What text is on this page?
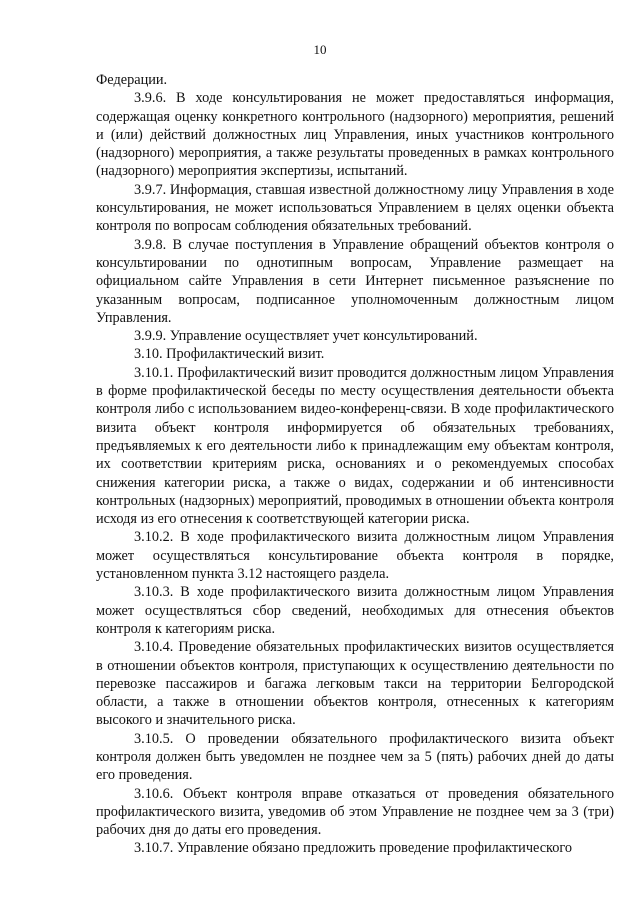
10

Федерации.

3.9.6. В ходе консультирования не может предоставляться информация, содержащая оценку конкретного контрольного (надзорного) мероприятия, решений и (или) действий должностных лиц Управления, иных участников контрольного (надзорного) мероприятия, а также результаты проведенных в рамках контрольного (надзорного) мероприятия экспертизы, испытаний.

3.9.7. Информация, ставшая известной должностному лицу Управления в ходе консультирования, не может использоваться Управлением в целях оценки объекта контроля по вопросам соблюдения обязательных требований.

3.9.8. В случае поступления в Управление обращений объектов контроля о консультировании по однотипным вопросам, Управление размещает на официальном сайте Управления в сети Интернет письменное разъяснение по указанным вопросам, подписанное уполномоченным должностным лицом Управления.

3.9.9. Управление осуществляет учет консультирований.

3.10. Профилактический визит.

3.10.1. Профилактический визит проводится должностным лицом Управления в форме профилактической беседы по месту осуществления деятельности объекта контроля либо с использованием видео-конференц-связи. В ходе профилактического визита объект контроля информируется об обязательных требованиях, предъявляемых к его деятельности либо к принадлежащим ему объектам контроля, их соответствии критериям риска, основаниях и о рекомендуемых способах снижения категории риска, а также о видах, содержании и об интенсивности контрольных (надзорных) мероприятий, проводимых в отношении объекта контроля исходя из его отнесения к соответствующей категории риска.

3.10.2. В ходе профилактического визита должностным лицом Управления может осуществляться консультирование объекта контроля в порядке, установленном пункта 3.12 настоящего раздела.

3.10.3. В ходе профилактического визита должностным лицом Управления может осуществляться сбор сведений, необходимых для отнесения объектов контроля к категориям риска.

3.10.4. Проведение обязательных профилактических визитов осуществляется в отношении объектов контроля, приступающих к осуществлению деятельности по перевозке пассажиров и багажа легковым такси на территории Белгородской области, а также в отношении объектов контроля, отнесенных к категориям высокого и значительного риска.

3.10.5. О проведении обязательного профилактического визита объект контроля должен быть уведомлен не позднее чем за 5 (пять) рабочих дней до даты его проведения.

3.10.6. Объект контроля вправе отказаться от проведения обязательного профилактического визита, уведомив об этом Управление не позднее чем за 3 (три) рабочих дня до даты его проведения.

3.10.7. Управление обязано предложить проведение профилактического
